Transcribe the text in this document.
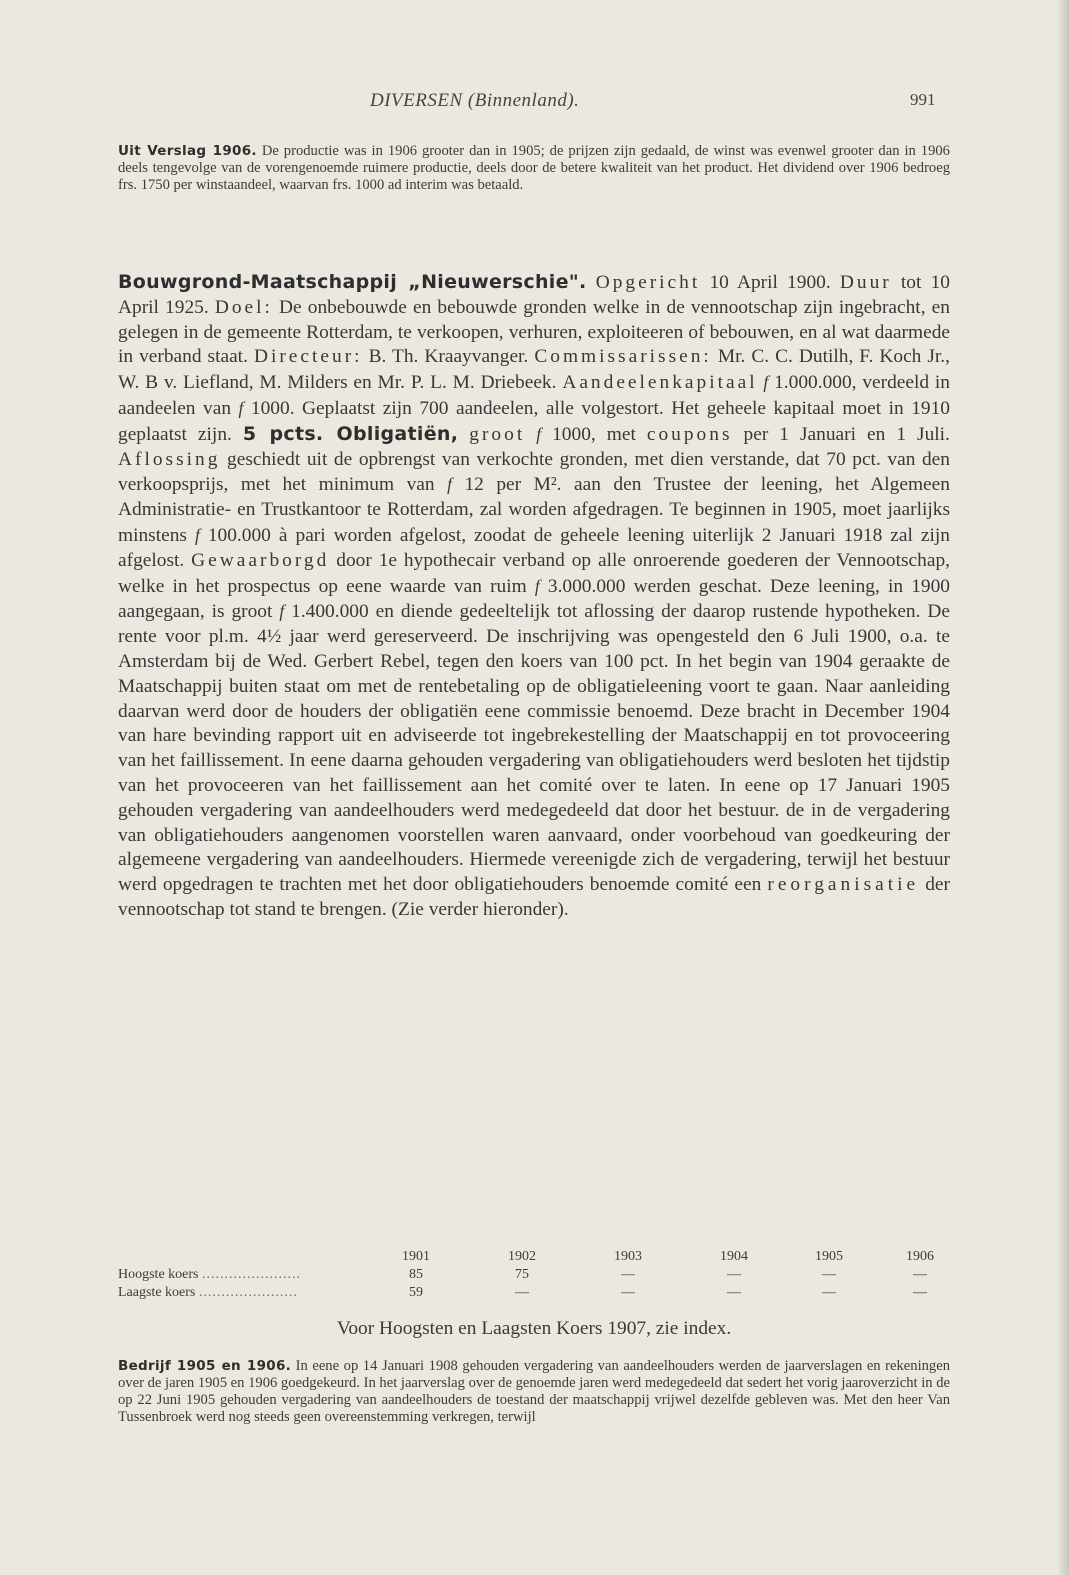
DIVERSEN (Binnenland).	991
Uit Verslag 1906. De productie was in 1906 grooter dan in 1905; de prijzen zijn gedaald, de winst was evenwel grooter dan in 1906 deels tengevolge van de vorengenoemde ruimere productie, deels door de betere kwaliteit van het product. Het dividend over 1906 bedroeg frs. 1750 per winstaandeel, waarvan frs. 1000 ad interim was betaald.
Bouwgrond-Maatschappij „Nieuwerschie". Opgericht 10 April 1900. Duur tot 10 April 1925. Doel: De onbebouwde en bebouwde gronden welke in de vennootschap zijn ingebracht, en gelegen in de gemeente Rotterdam, te verkoopen, verhuren, exploiteeren of bebouwen, en al wat daarmede in verband staat. Directeur: B. Th. Kraayvanger. Commissarissen: Mr. C. C. Dutilh, F. Koch Jr., W. B v. Liefland, M. Milders en Mr. P. L. M. Driebeek. Aandeelenkapitaal f 1.000.000, verdeeld in aandeelen van f 1000. Geplaatst zijn 700 aandeelen, alle volgestort. Het geheele kapitaal moet in 1910 geplaatst zijn. 5 pcts. Obligatiën, groot f 1000, met coupons per 1 Januari en 1 Juli. Aflossing geschiedt uit de opbrengst van verkochte gronden, met dien verstande, dat 70 pct. van den verkoopsprijs, met het minimum van f 12 per M². aan den Trustee der leening, het Algemeen Administratie- en Trustkantoor te Rotterdam, zal worden afgedragen. Te beginnen in 1905, moet jaarlijks minstens f 100.000 à pari worden afgelost, zoodat de geheele leening uiterlijk 2 Januari 1918 zal zijn afgelost. Gewaarborgd door 1e hypothecair verband op alle onroerende goederen der Vennootschap, welke in het prospectus op eene waarde van ruim f 3.000.000 werden geschat. Deze leening, in 1900 aangegaan, is groot f 1.400.000 en diende gedeeltelijk tot aflossing der daarop rustende hypotheken. De rente voor pl.m. 4½ jaar werd gereserveerd. De inschrijving was opengesteld den 6 Juli 1900, o.a. te Amsterdam bij de Wed. Gerbert Rebel, tegen den koers van 100 pct. In het begin van 1904 geraakte de Maatschappij buiten staat om met de rentebetaling op de obligatieleening voort te gaan. Naar aanleiding daarvan werd door de houders der obligatiën eene commissie benoemd. Deze bracht in December 1904 van hare bevinding rapport uit en adviseerde tot ingebrekestelling der Maatschappij en tot provoceering van het faillissement. In eene daarna gehouden vergadering van obligatiehouders werd besloten het tijdstip van het provoceeren van het faillissement aan het comité over te laten. In eene op 17 Januari 1905 gehouden vergadering van aandeelhouders werd medegedeeld dat door het bestuur. de in de vergadering van obligatiehouders aangenomen voorstellen waren aanvaard, onder voorbehoud van goedkeuring der algemeene vergadering van aandeelhouders. Hiermede vereenigde zich de vergadering, terwijl het bestuur werd opgedragen te trachten met het door obligatiehouders benoemde comité een reorganisatie der vennootschap tot stand te brengen. (Zie verder hieronder).
1901	1902	1903	1904	1905	1906
Hoogste koers ......................	85	75	—	—	—	—
Laagste koers ......................	59	—	—	—	—	—
Voor Hoogsten en Laagsten Koers 1907, zie index.
Bedrijf 1905 en 1906. In eene op 14 Januari 1908 gehouden vergadering van aandeelhouders werden de jaarverslagen en rekeningen over de jaren 1905 en 1906 goedgekeurd. In het jaarverslag over de genoemde jaren werd medegedeeld dat sedert het vorig jaaroverzicht in de op 22 Juni 1905 gehouden vergadering van aandeelhouders de toestand der maatschappij vrijwel dezelfde gebleven was. Met den heer Van Tussenbroek werd nog steeds geen overeenstemming verkregen, terwijl
